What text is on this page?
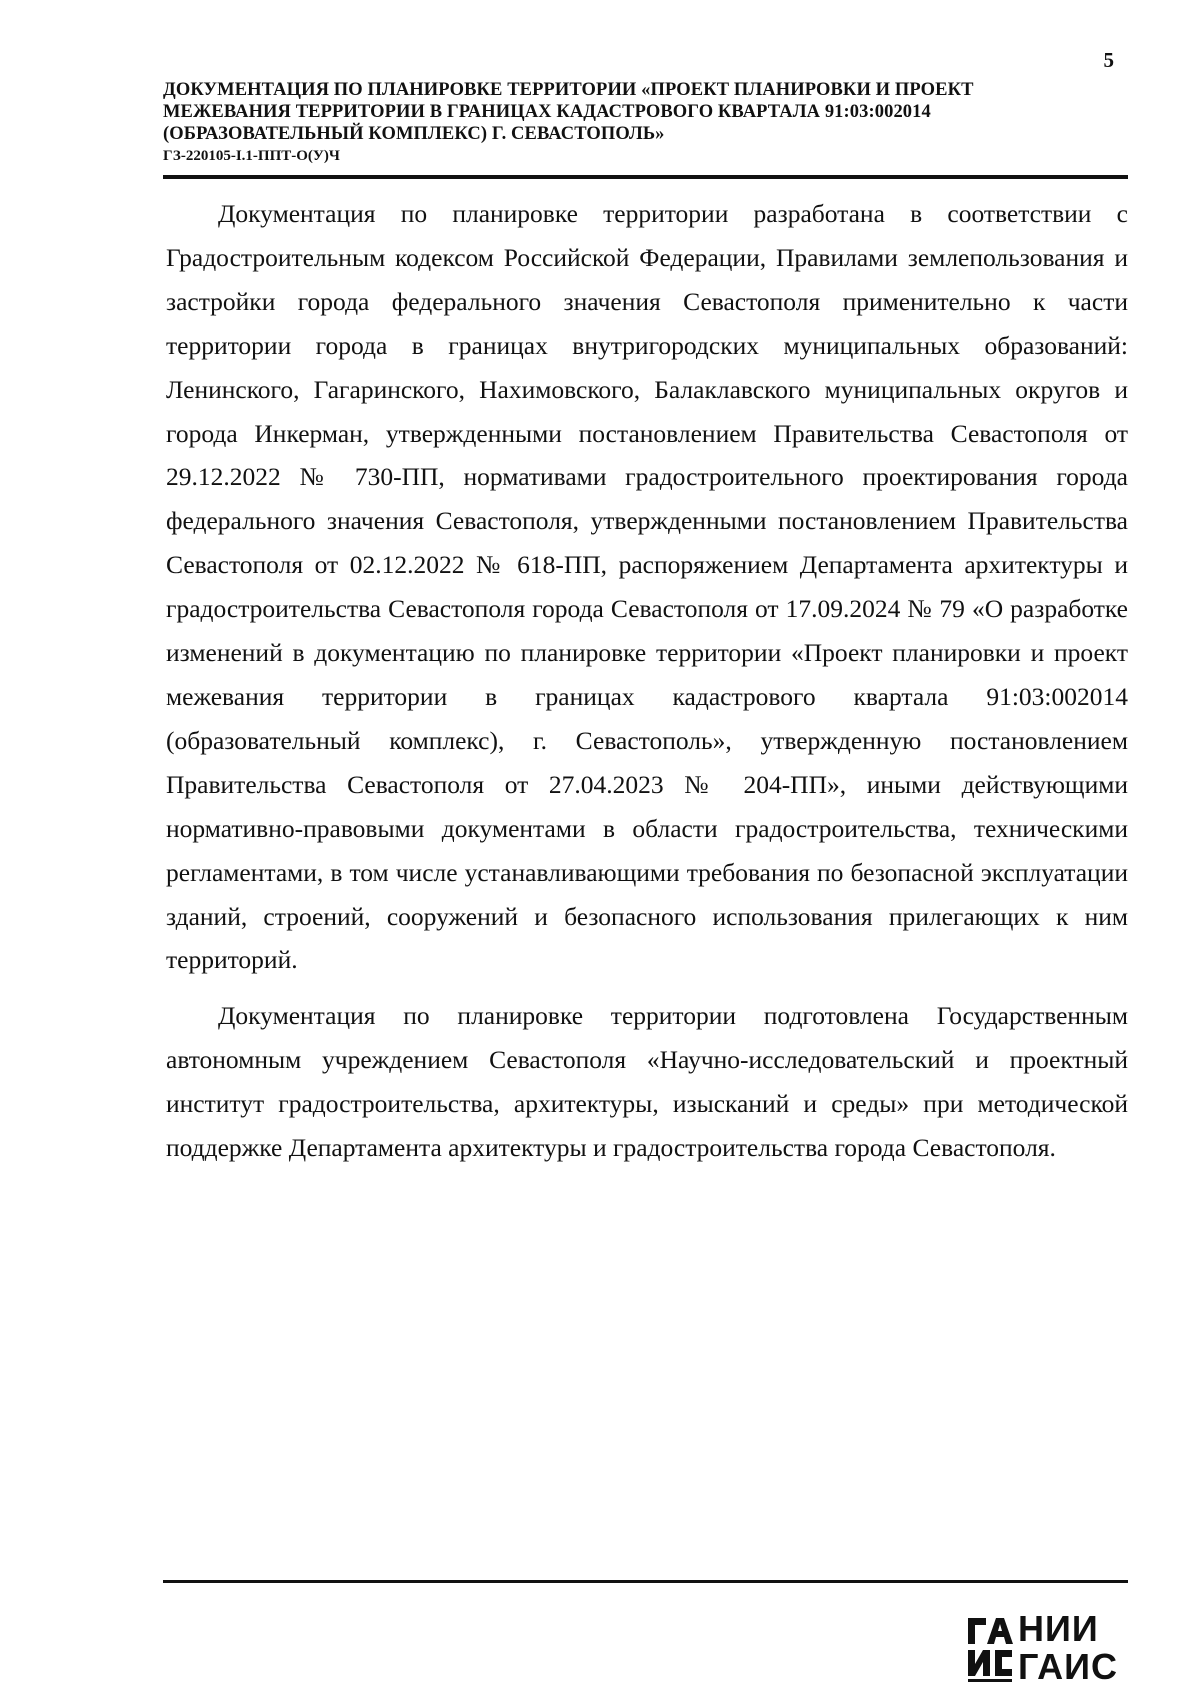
5
ДОКУМЕНТАЦИЯ ПО ПЛАНИРОВКЕ ТЕРРИТОРИИ «ПРОЕКТ ПЛАНИРОВКИ И ПРОЕКТ
МЕЖЕВАНИЯ ТЕРРИТОРИИ В ГРАНИЦАХ КАДАСТРОВОГО КВАРТАЛА 91:03:002014
(ОБРАЗОВАТЕЛЬНЫЙ КОМПЛЕКС) Г. СЕВАСТОПОЛЬ»
ГЗ-220105-І.1-ППТ-О(У)Ч

Документация по планировке территории разработана в соответствии с Градостроительным кодексом Российской Федерации, Правилами землепользования и застройки города федерального значения Севастополя применительно к части территории города в границах внутригородских муниципальных образований: Ленинского, Гагаринского, Нахимовского, Балаклавского муниципальных округов и города Инкерман, утвержденными постановлением Правительства Севастополя от 29.12.2022 № 730-ПП, нормативами градостроительного проектирования города федерального значения Севастополя, утвержденными постановлением Правительства Севастополя от 02.12.2022 № 618-ПП, распоряжением Департамента архитектуры и градостроительства Севастополя города Севастополя от 17.09.2024 № 79 «О разработке изменений в документацию по планировке территории «Проект планировки и проект межевания территории в границах кадастрового квартала 91:03:002014 (образовательный комплекс), г. Севастополь», утвержденную постановлением Правительства Севастополя от 27.04.2023 № 204-ПП», иными действующими нормативно-правовыми документами в области градостроительства, техническими регламентами, в том числе устанавливающими требования по безопасной эксплуатации зданий, строений, сооружений и безопасного использования прилегающих к ним территорий.

Документация по планировке территории подготовлена Государственным автономным учреждением Севастополя «Научно-исследовательский и проектный институт градостроительства, архитектуры, изысканий и среды» при методической поддержке Департамента архитектуры и градостроительства города Севастополя.

НИИ
ГАИС
